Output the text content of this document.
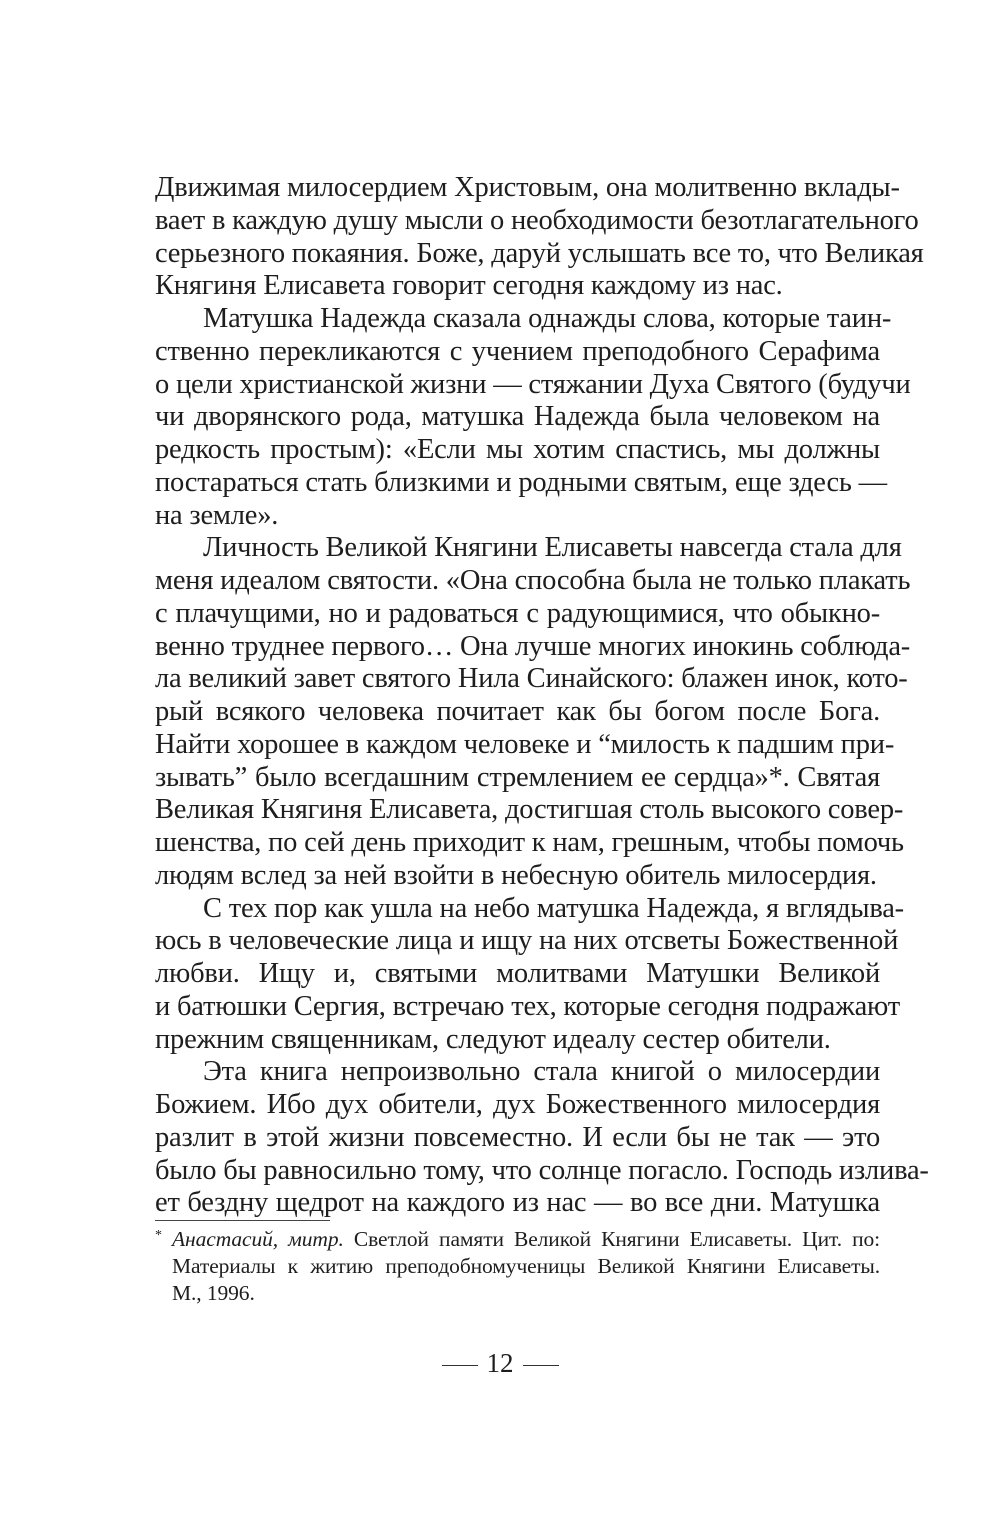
Движимая милосердием Христовым, она молитвенно вклады-
вает в каждую душу мысли о необходимости безотлагательного
серьезного покаяния. Боже, даруй услышать все то, что Великая
Княгиня Елисавета говорит сегодня каждому из нас.
Матушка Надежда сказала однажды слова, которые таин-
ственно перекликаются с учением преподобного Серафима
о цели христианской жизни — стяжании Духа Святого (будучи
чи дворянского рода, матушка Надежда была человеком на
редкость простым): «Если мы хотим спастись, мы должны
постараться стать близкими и родными святым, еще здесь —
на земле».
Личность Великой Княгини Елисаветы навсегда стала для
меня идеалом святости. «Она способна была не только плакать
с плачущими, но и радоваться с радующимися, что обыкно-
венно труднее первого… Она лучше многих инокинь соблюда-
ла великий завет святого Нила Синайского: блажен инок, кото-
рый всякого человека почитает как бы богом после Бога.
Найти хорошее в каждом человеке и “милость к падшим при-
зывать” было всегдашним стремлением ее сердца»*. Святая
Великая Княгиня Елисавета, достигшая столь высокого совер-
шенства, по сей день приходит к нам, грешным, чтобы помочь
людям вслед за ней взойти в небесную обитель милосердия.
С тех пор как ушла на небо матушка Надежда, я вглядыва-
юсь в человеческие лица и ищу на них отсветы Божественной
любви. Ищу и, святыми молитвами Матушки Великой
и батюшки Сергия, встречаю тех, которые сегодня подражают
прежним священникам, следуют идеалу сестер обители.
Эта книга непроизвольно стала книгой о милосердии
Божием. Ибо дух обители, дух Божественного милосердия
разлит в этой жизни повсеместно. И если бы не так — это
было бы равносильно тому, что солнце погасло. Господь излива-
ет бездну щедрот на каждого из нас — во все дни. Матушка
* Анастасий, митр. Светлой памяти Великой Княгини Елисаветы. Цит. по:
Материалы к житию преподобномученицы Великой Княгини Елисаветы.
М., 1996.
12
